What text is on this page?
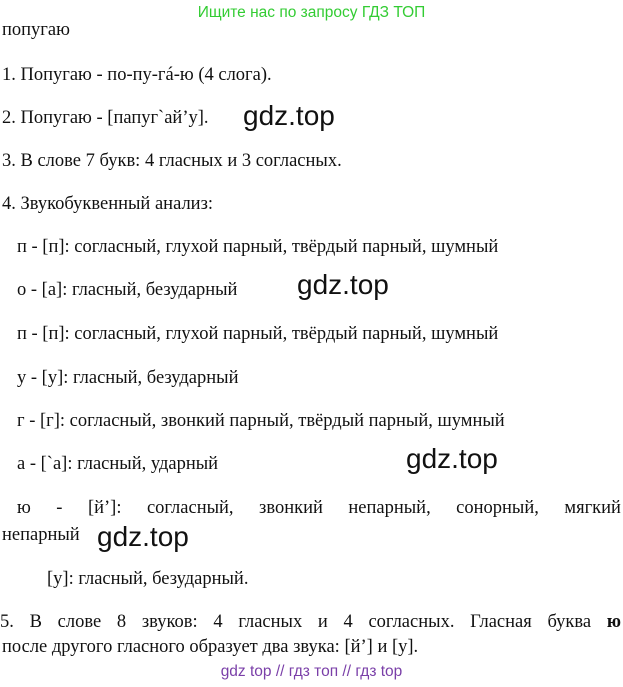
Ищите нас по запросу ГДЗ ТОП
попугаю
1. Попугаю - по-пу-гá-ю (4 слога).
2. Попугаю - [папуг`ай’у].
3. В слове 7 букв: 4 гласных и 3 согласных.
4. Звукобуквенный анализ:
п - [п]: согласный, глухой парный, твёрдый парный, шумный
о - [а]: гласный, безударный
п - [п]: согласный, глухой парный, твёрдый парный, шумный
у - [у]: гласный, безударный
г - [г]: согласный, звонкий парный, твёрдый парный, шумный
а - [`а]: гласный, ударный
ю - [й’]: согласный, звонкий непарный, сонорный, мягкий
непарный
[у]: гласный, безударный.
5. В слове 8 звуков: 4 гласных и 4 согласных. Гласная буква ю
после другого гласного образует два звука: [й’] и [у].
gdz.top
gdz.top
gdz.top
gdz.top
gdz top // гдз топ // гдз top
